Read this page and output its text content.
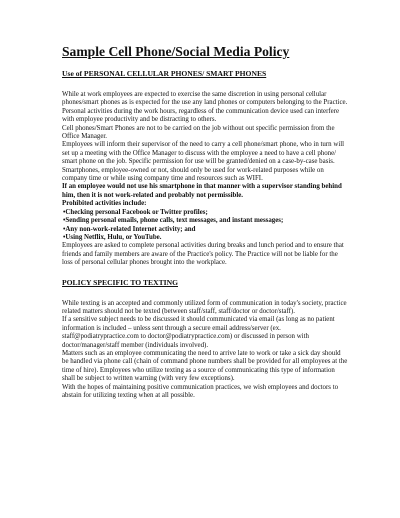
Sample Cell Phone/Social Media Policy
Use of PERSONAL CELLULAR PHONES/ SMART PHONES

While at work employees are expected to exercise the same discretion in using personal cellular phones/smart phones as is expected for the use any land phones or computers belonging to the Practice. Personal activities during the work hours, regardless of the communication device used can interfere with employee productivity and be distracting to others.

Cell phones/Smart Phones are not to be carried on the job without out specific permission from the Office Manager.

Employees will inform their supervisor of the need to carry a cell phone/smart phone, who in turn will set up a meeting with the Office Manager to discuss with the employee a need to have a cell phone/ smart phone on the job. Specific permission for use will be granted/denied on a case-by-case basis.

Smartphones, employee-owned or not, should only be used for work-related purposes while on company time or while using company time and resources such as WIFI.

If an employee would not use his smartphone in that manner with a supervisor standing behind him, then it is not work-related and probably not permissible.

Prohibited activities include:

•Checking personal Facebook or Twitter profiles;
•Sending personal emails, phone calls, text messages, and instant messages;
•Any non-work-related Internet activity; and
•Using Netflix, Hulu, or YouTube.

Employees are asked to complete personal activities during breaks and lunch period and to ensure that friends and family members are aware of the Practice's policy. The Practice will not be liable for the loss of personal cellular phones brought into the workplace.

POLICY SPECIFIC TO TEXTING

While texting is an accepted and commonly utilized form of communication in today's society, practice related matters should not be texted (between staff/staff, staff/doctor or doctor/staff).

If a sensitive subject needs to be discussed it should communicated via email (as long as no patient information is included – unless sent through a secure email address/server (ex. staff@podiatrypractice.com to doctor@podiatrypractice.com) or discussed in person with doctor/manager/staff member (individuals involved).

Matters such as an employee communicating the need to arrive late to work or take a sick day should be handled via phone call (chain of command phone numbers shall be provided for all employees at the time of hire). Employees who utilize texting as a source of communicating this type of information shall be subject to written warning (with very few exceptions).

With the hopes of maintaining positive communication practices, we wish employees and doctors to abstain for utilizing texting when at all possible.
